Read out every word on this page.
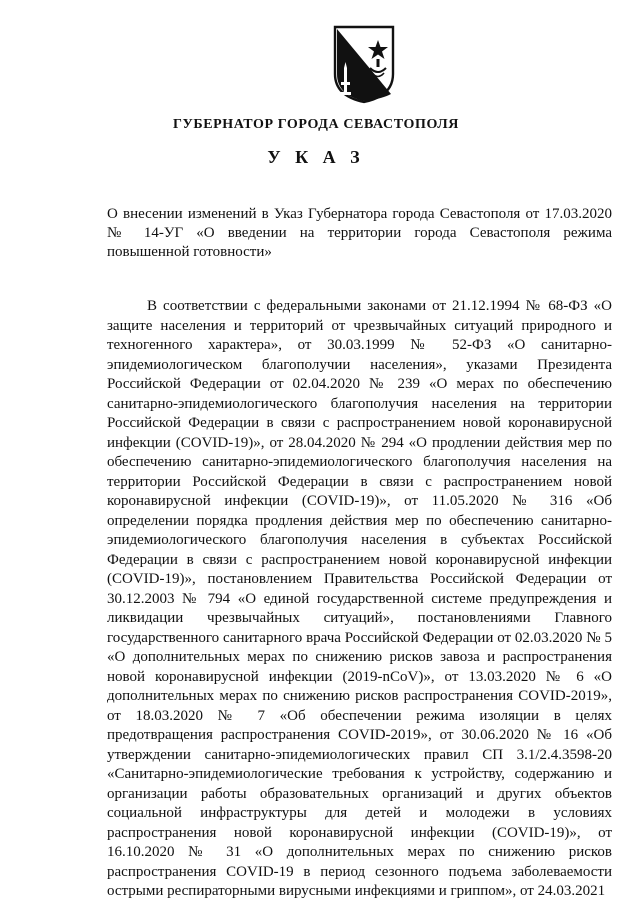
ГУБЕРНАТОР ГОРОДА СЕВАСТОПОЛЯ
У К А З
О внесении изменений в Указ Губернатора города Севастополя от 17.03.2020 № 14-УГ «О введении на территории города Севастополя режима повышенной готовности»
В соответствии с федеральными законами от 21.12.1994 № 68-ФЗ «О защите населения и территорий от чрезвычайных ситуаций природного и техногенного характера», от 30.03.1999 № 52-ФЗ «О санитарно-эпидемиологическом благополучии населения», указами Президента Российской Федерации от 02.04.2020 № 239 «О мерах по обеспечению санитарно-эпидемиологического благополучия населения на территории Российской Федерации в связи с распространением новой коронавирусной инфекции (COVID-19)», от 28.04.2020 № 294 «О продлении действия мер по обеспечению санитарно-эпидемиологического благополучия населения на территории Российской Федерации в связи с распространением новой коронавирусной инфекции (COVID-19)», от 11.05.2020 № 316 «Об определении порядка продления действия мер по обеспечению санитарно-эпидемиологического благополучия населения в субъектах Российской Федерации в связи с распространением новой коронавирусной инфекции (COVID-19)», постановлением Правительства Российской Федерации от 30.12.2003 № 794 «О единой государственной системе предупреждения и ликвидации чрезвычайных ситуаций», постановлениями Главного государственного санитарного врача Российской Федерации от 02.03.2020 № 5 «О дополнительных мерах по снижению рисков завоза и распространения новой коронавирусной инфекции (2019-nCoV)», от 13.03.2020 № 6 «О дополнительных мерах по снижению рисков распространения COVID-2019», от 18.03.2020 № 7 «Об обеспечении режима изоляции в целях предотвращения распространения COVID-2019», от 30.06.2020 № 16 «Об утверждении санитарно-эпидемиологических правил СП 3.1/2.4.3598-20 «Санитарно-эпидемиологические требования к устройству, содержанию и организации работы образовательных организаций и других объектов социальной инфраструктуры для детей и молодежи в условиях распространения новой коронавирусной инфекции (COVID-19)», от 16.10.2020 № 31 «О дополнительных мерах по снижению рисков распространения COVID-19 в период сезонного подъема заболеваемости острыми респираторными вирусными инфекциями и гриппом», от 24.03.2021
